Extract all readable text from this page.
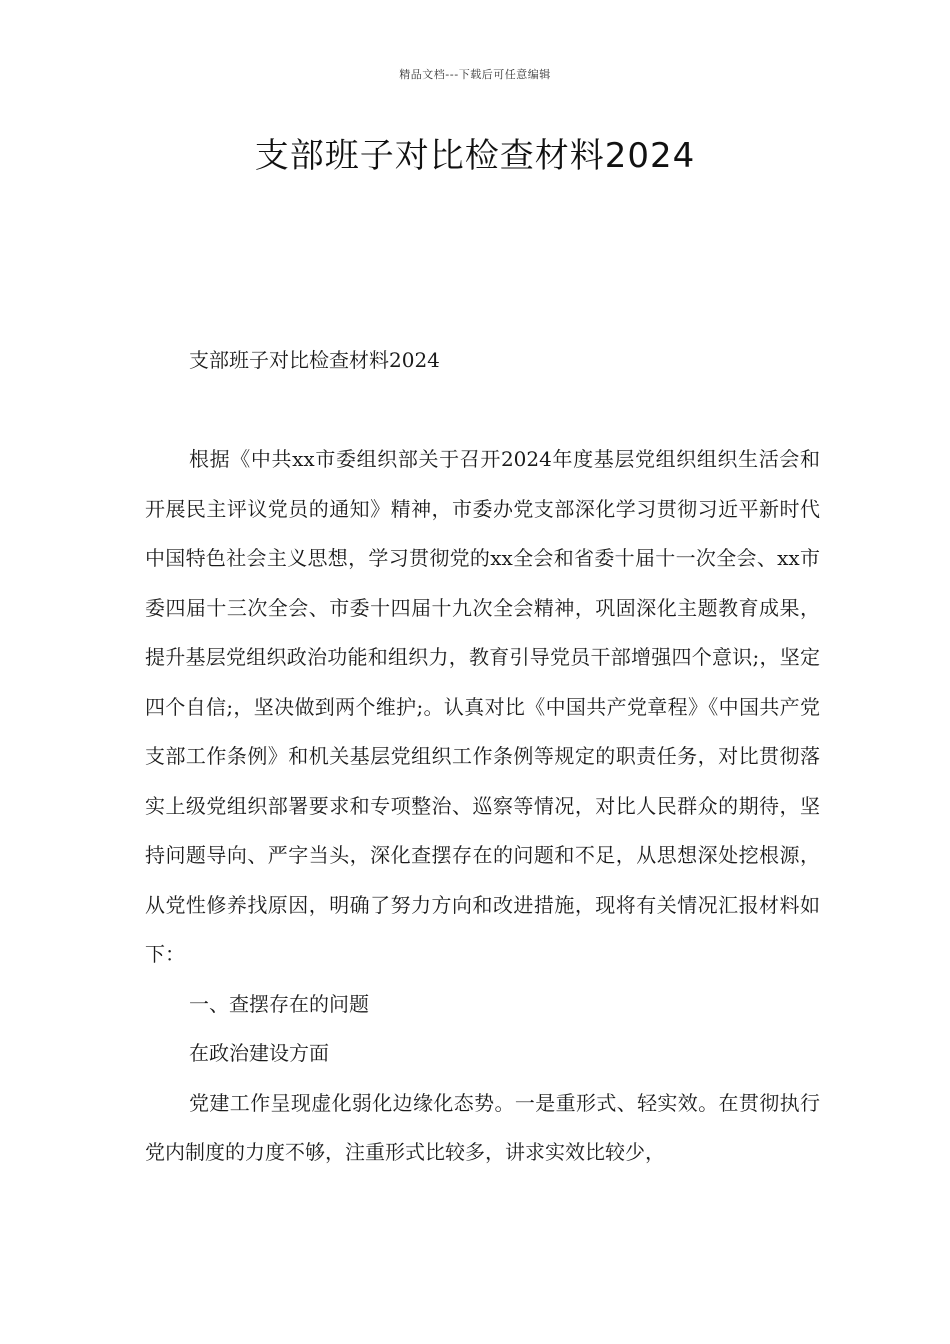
精品文档---下载后可任意编辑
支部班子对比检查材料2024

支部班子对比检查材料2024

根据《中共xx市委组织部关于召开2024年度基层党组织组织生活会和开展民主评议党员的通知》精神，市委办党支部深化学习贯彻习近平新时代中国特色社会主义思想，学习贯彻党的xx全会和省委十届十一次全会、xx市委四届十三次全会、市委十四届十九次全会精神，巩固深化主题教育成果，提升基层党组织政治功能和组织力，教育引导党员干部增强四个意识;，坚定四个自信;，坚决做到两个维护;。认真对比《中国共产党章程》《中国共产党支部工作条例》和机关基层党组织工作条例等规定的职责任务，对比贯彻落实上级党组织部署要求和专项整治、巡察等情况，对比人民群众的期待，坚持问题导向、严字当头，深化查摆存在的问题和不足，从思想深处挖根源，从党性修养找原因，明确了努力方向和改进措施，现将有关情况汇报材料如下：

一、查摆存在的问题

在政治建设方面

党建工作呈现虚化弱化边缘化态势。一是重形式、轻实效。在贯彻执行党内制度的力度不够，注重形式比较多，讲求实效比较少，
